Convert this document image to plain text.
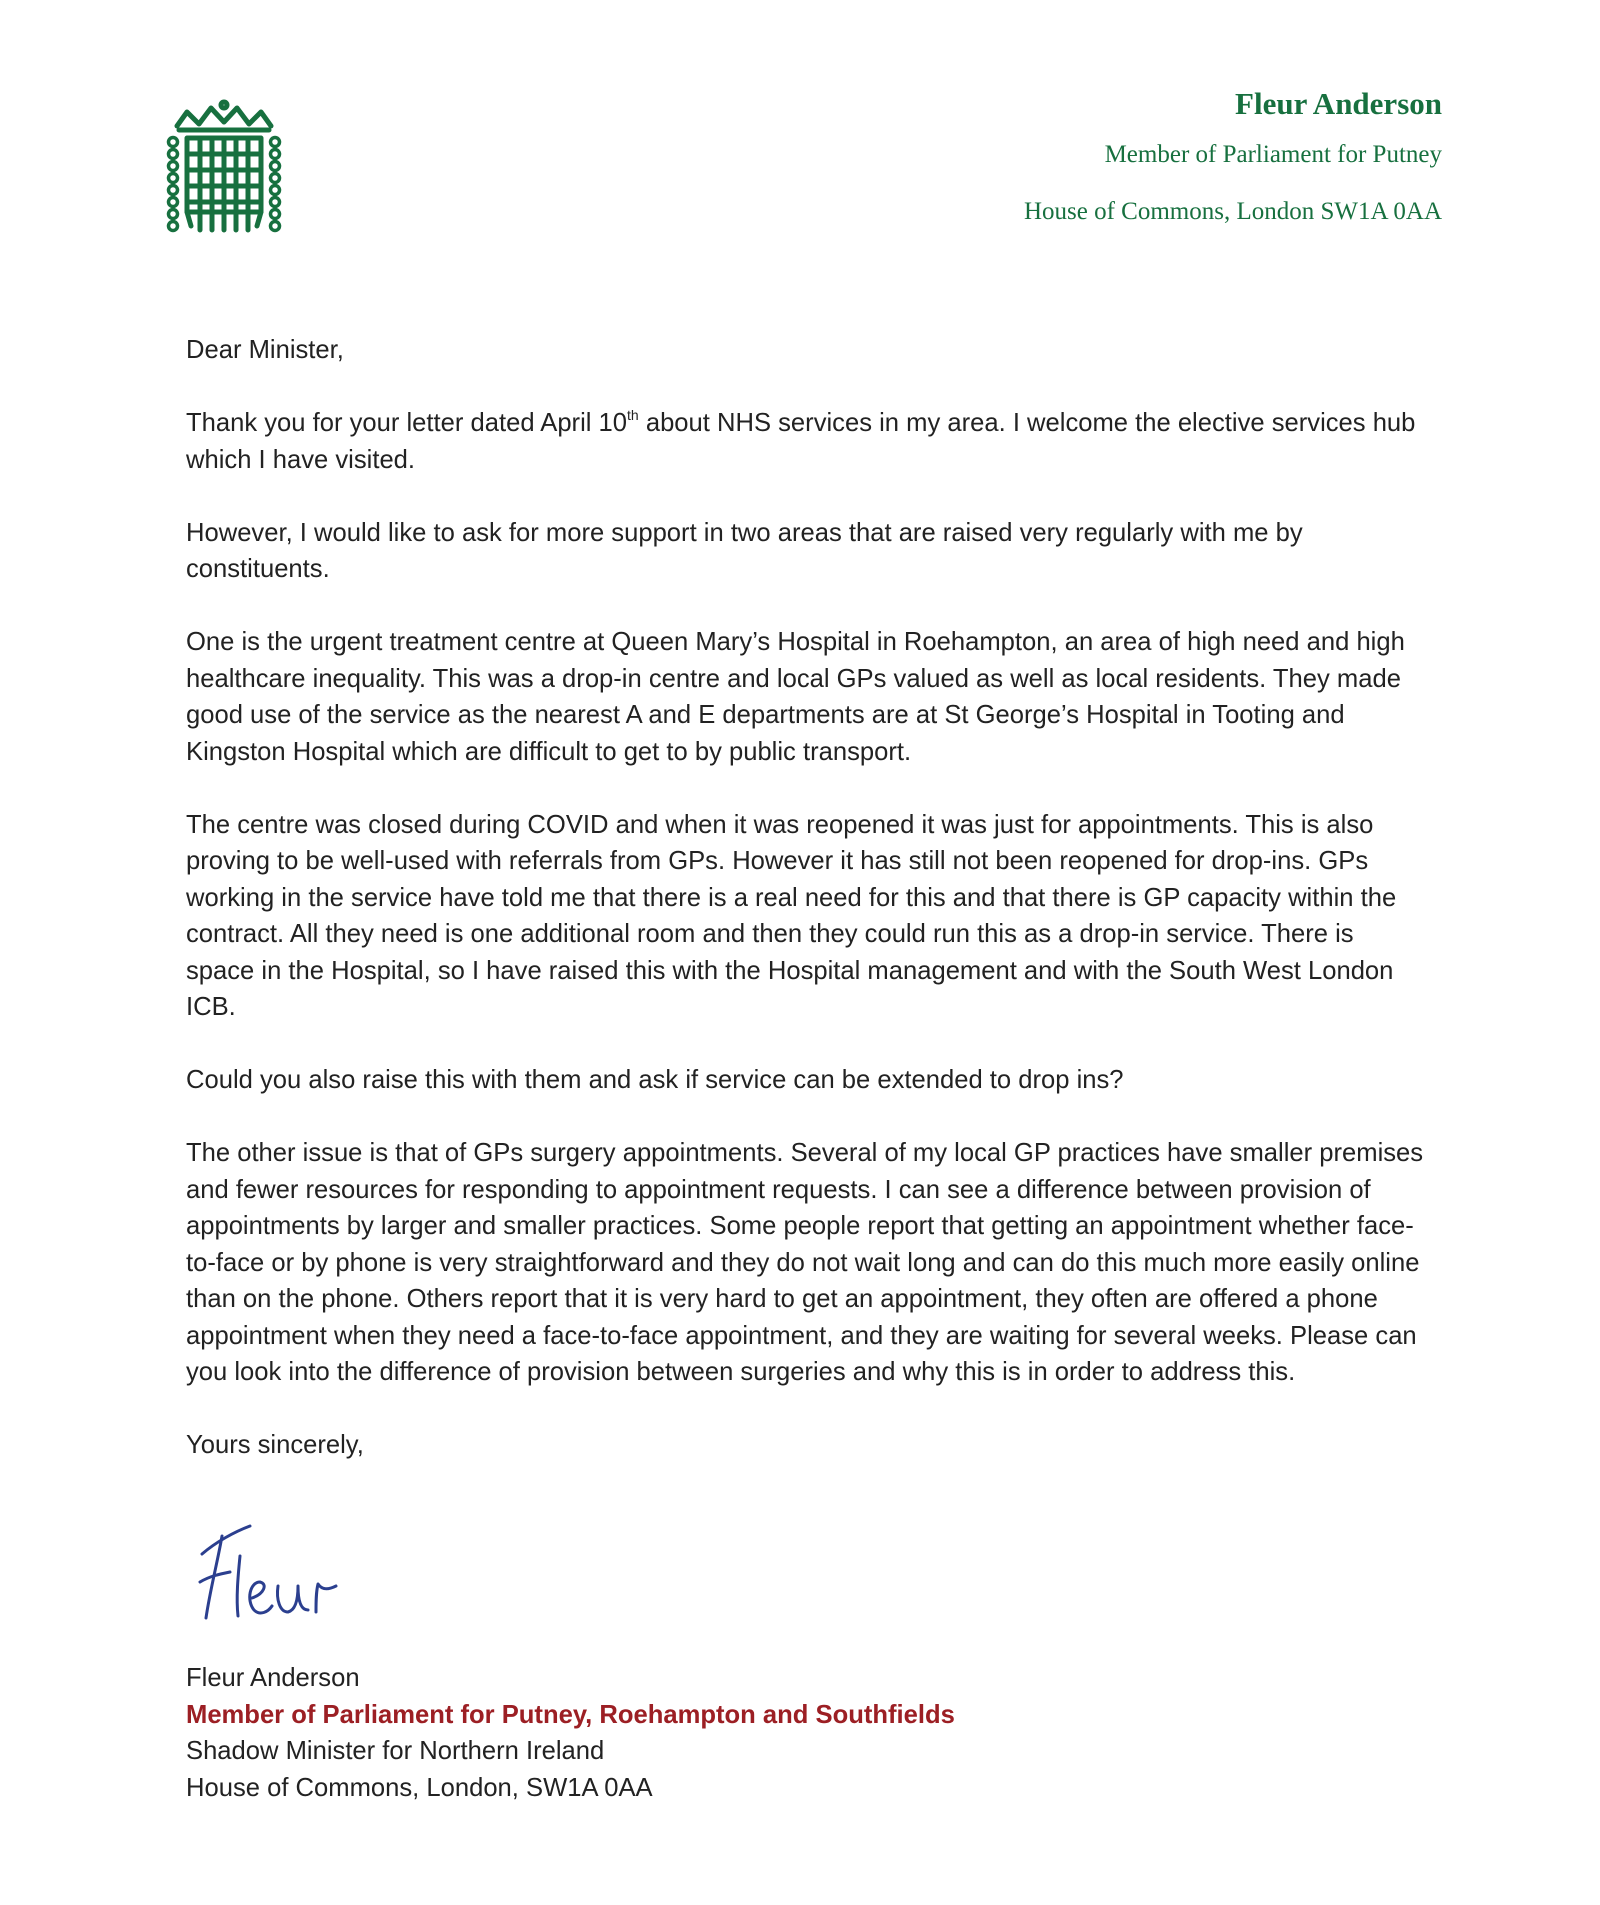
Fleur Anderson
Member of Parliament for Putney
House of Commons, London SW1A 0AA

Dear Minister,

Thank you for your letter dated April 10th about NHS services in my area. I welcome the elective services hub which I have visited.

However, I would like to ask for more support in two areas that are raised very regularly with me by constituents.

One is the urgent treatment centre at Queen Mary’s Hospital in Roehampton, an area of high need and high healthcare inequality. This was a drop-in centre and local GPs valued as well as local residents. They made good use of the service as the nearest A and E departments are at St George’s Hospital in Tooting and Kingston Hospital which are difficult to get to by public transport.

The centre was closed during COVID and when it was reopened it was just for appointments. This is also proving to be well-used with referrals from GPs. However it has still not been reopened for drop-ins. GPs working in the service have told me that there is a real need for this and that there is GP capacity within the contract. All they need is one additional room and then they could run this as a drop-in service. There is space in the Hospital, so I have raised this with the Hospital management and with the South West London ICB.

Could you also raise this with them and ask if service can be extended to drop ins?

The other issue is that of GPs surgery appointments. Several of my local GP practices have smaller premises and fewer resources for responding to appointment requests. I can see a difference between provision of appointments by larger and smaller practices. Some people report that getting an appointment whether face-to-face or by phone is very straightforward and they do not wait long and can do this much more easily online than on the phone. Others report that it is very hard to get an appointment, they often are offered a phone appointment when they need a face-to-face appointment, and they are waiting for several weeks. Please can you look into the difference of provision between surgeries and why this is in order to address this.

Yours sincerely,

Fleur Anderson
Member of Parliament for Putney, Roehampton and Southfields
Shadow Minister for Northern Ireland
House of Commons, London, SW1A 0AA
